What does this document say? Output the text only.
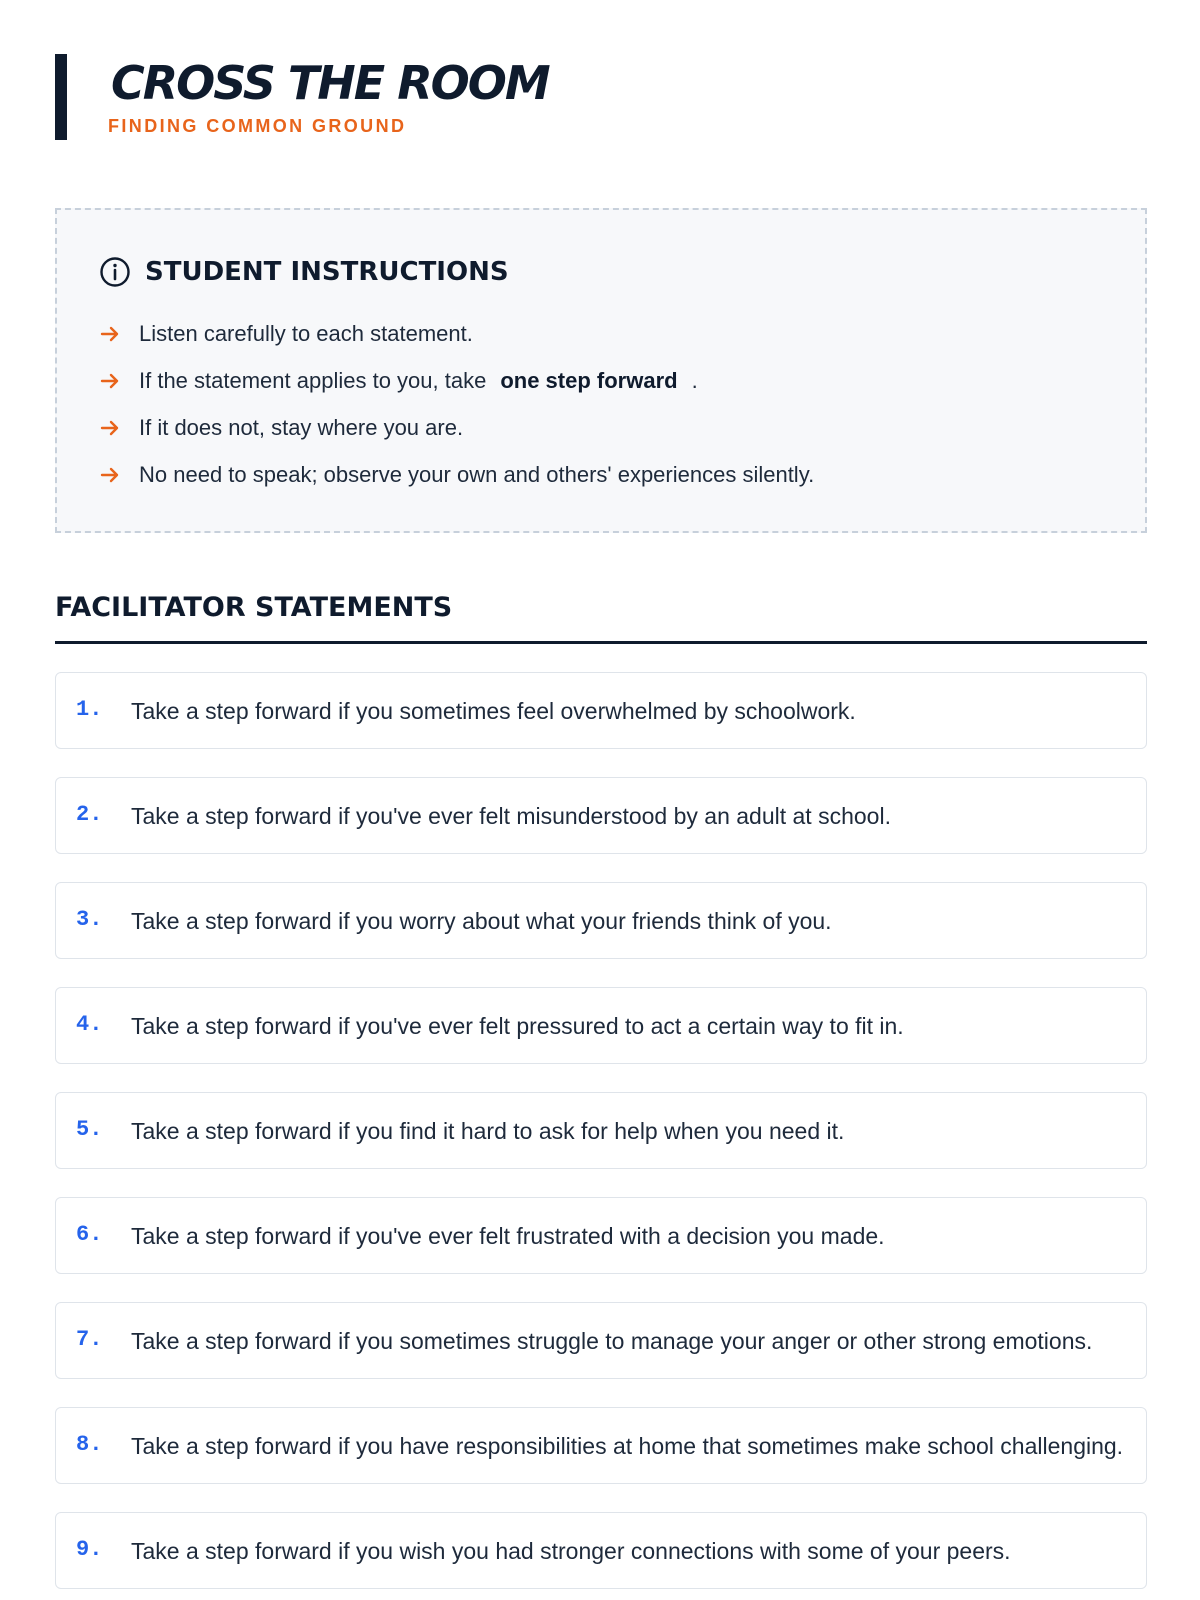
CROSS THE ROOM
FINDING COMMON GROUND
STUDENT INSTRUCTIONS
Listen carefully to each statement.
If the statement applies to you, take one step forward .
If it does not, stay where you are.
No need to speak; observe your own and others' experiences silently.
FACILITATOR STATEMENTS
1.	Take a step forward if you sometimes feel overwhelmed by schoolwork.
2.	Take a step forward if you've ever felt misunderstood by an adult at school.
3.	Take a step forward if you worry about what your friends think of you.
4.	Take a step forward if you've ever felt pressured to act a certain way to fit in.
5.	Take a step forward if you find it hard to ask for help when you need it.
6.	Take a step forward if you've ever felt frustrated with a decision you made.
7.	Take a step forward if you sometimes struggle to manage your anger or other strong emotions.
8.	Take a step forward if you have responsibilities at home that sometimes make school challenging.
9.	Take a step forward if you wish you had stronger connections with some of your peers.
